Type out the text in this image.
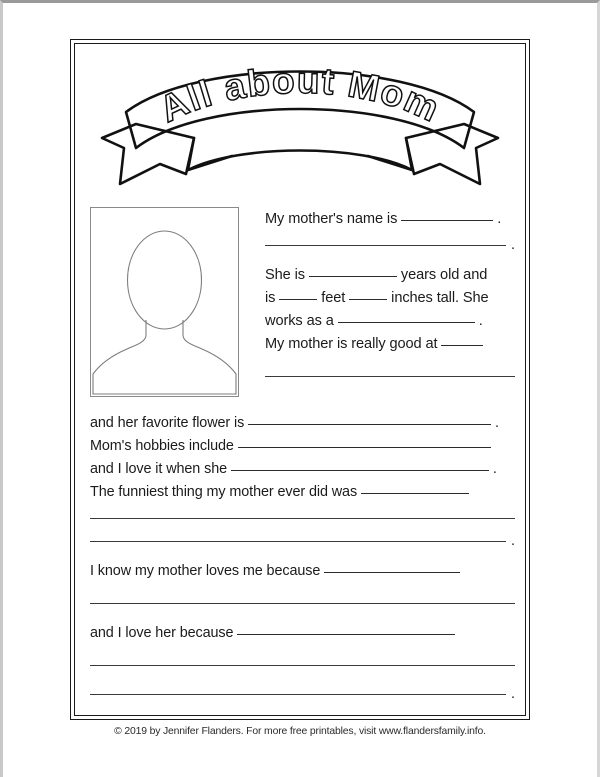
All about Mom
My mother's name is	.
.
She is	years old and
is	feet	inches tall. She
works as a	.
My mother is really good at
and her favorite flower is	.
Mom's hobbies include
and I love it when she	.
The funniest thing my mother ever did was
.
I know my mother loves me because
and I love her because
.
© 2019 by Jennifer Flanders. For more free printables, visit www.flandersfamily.info.
